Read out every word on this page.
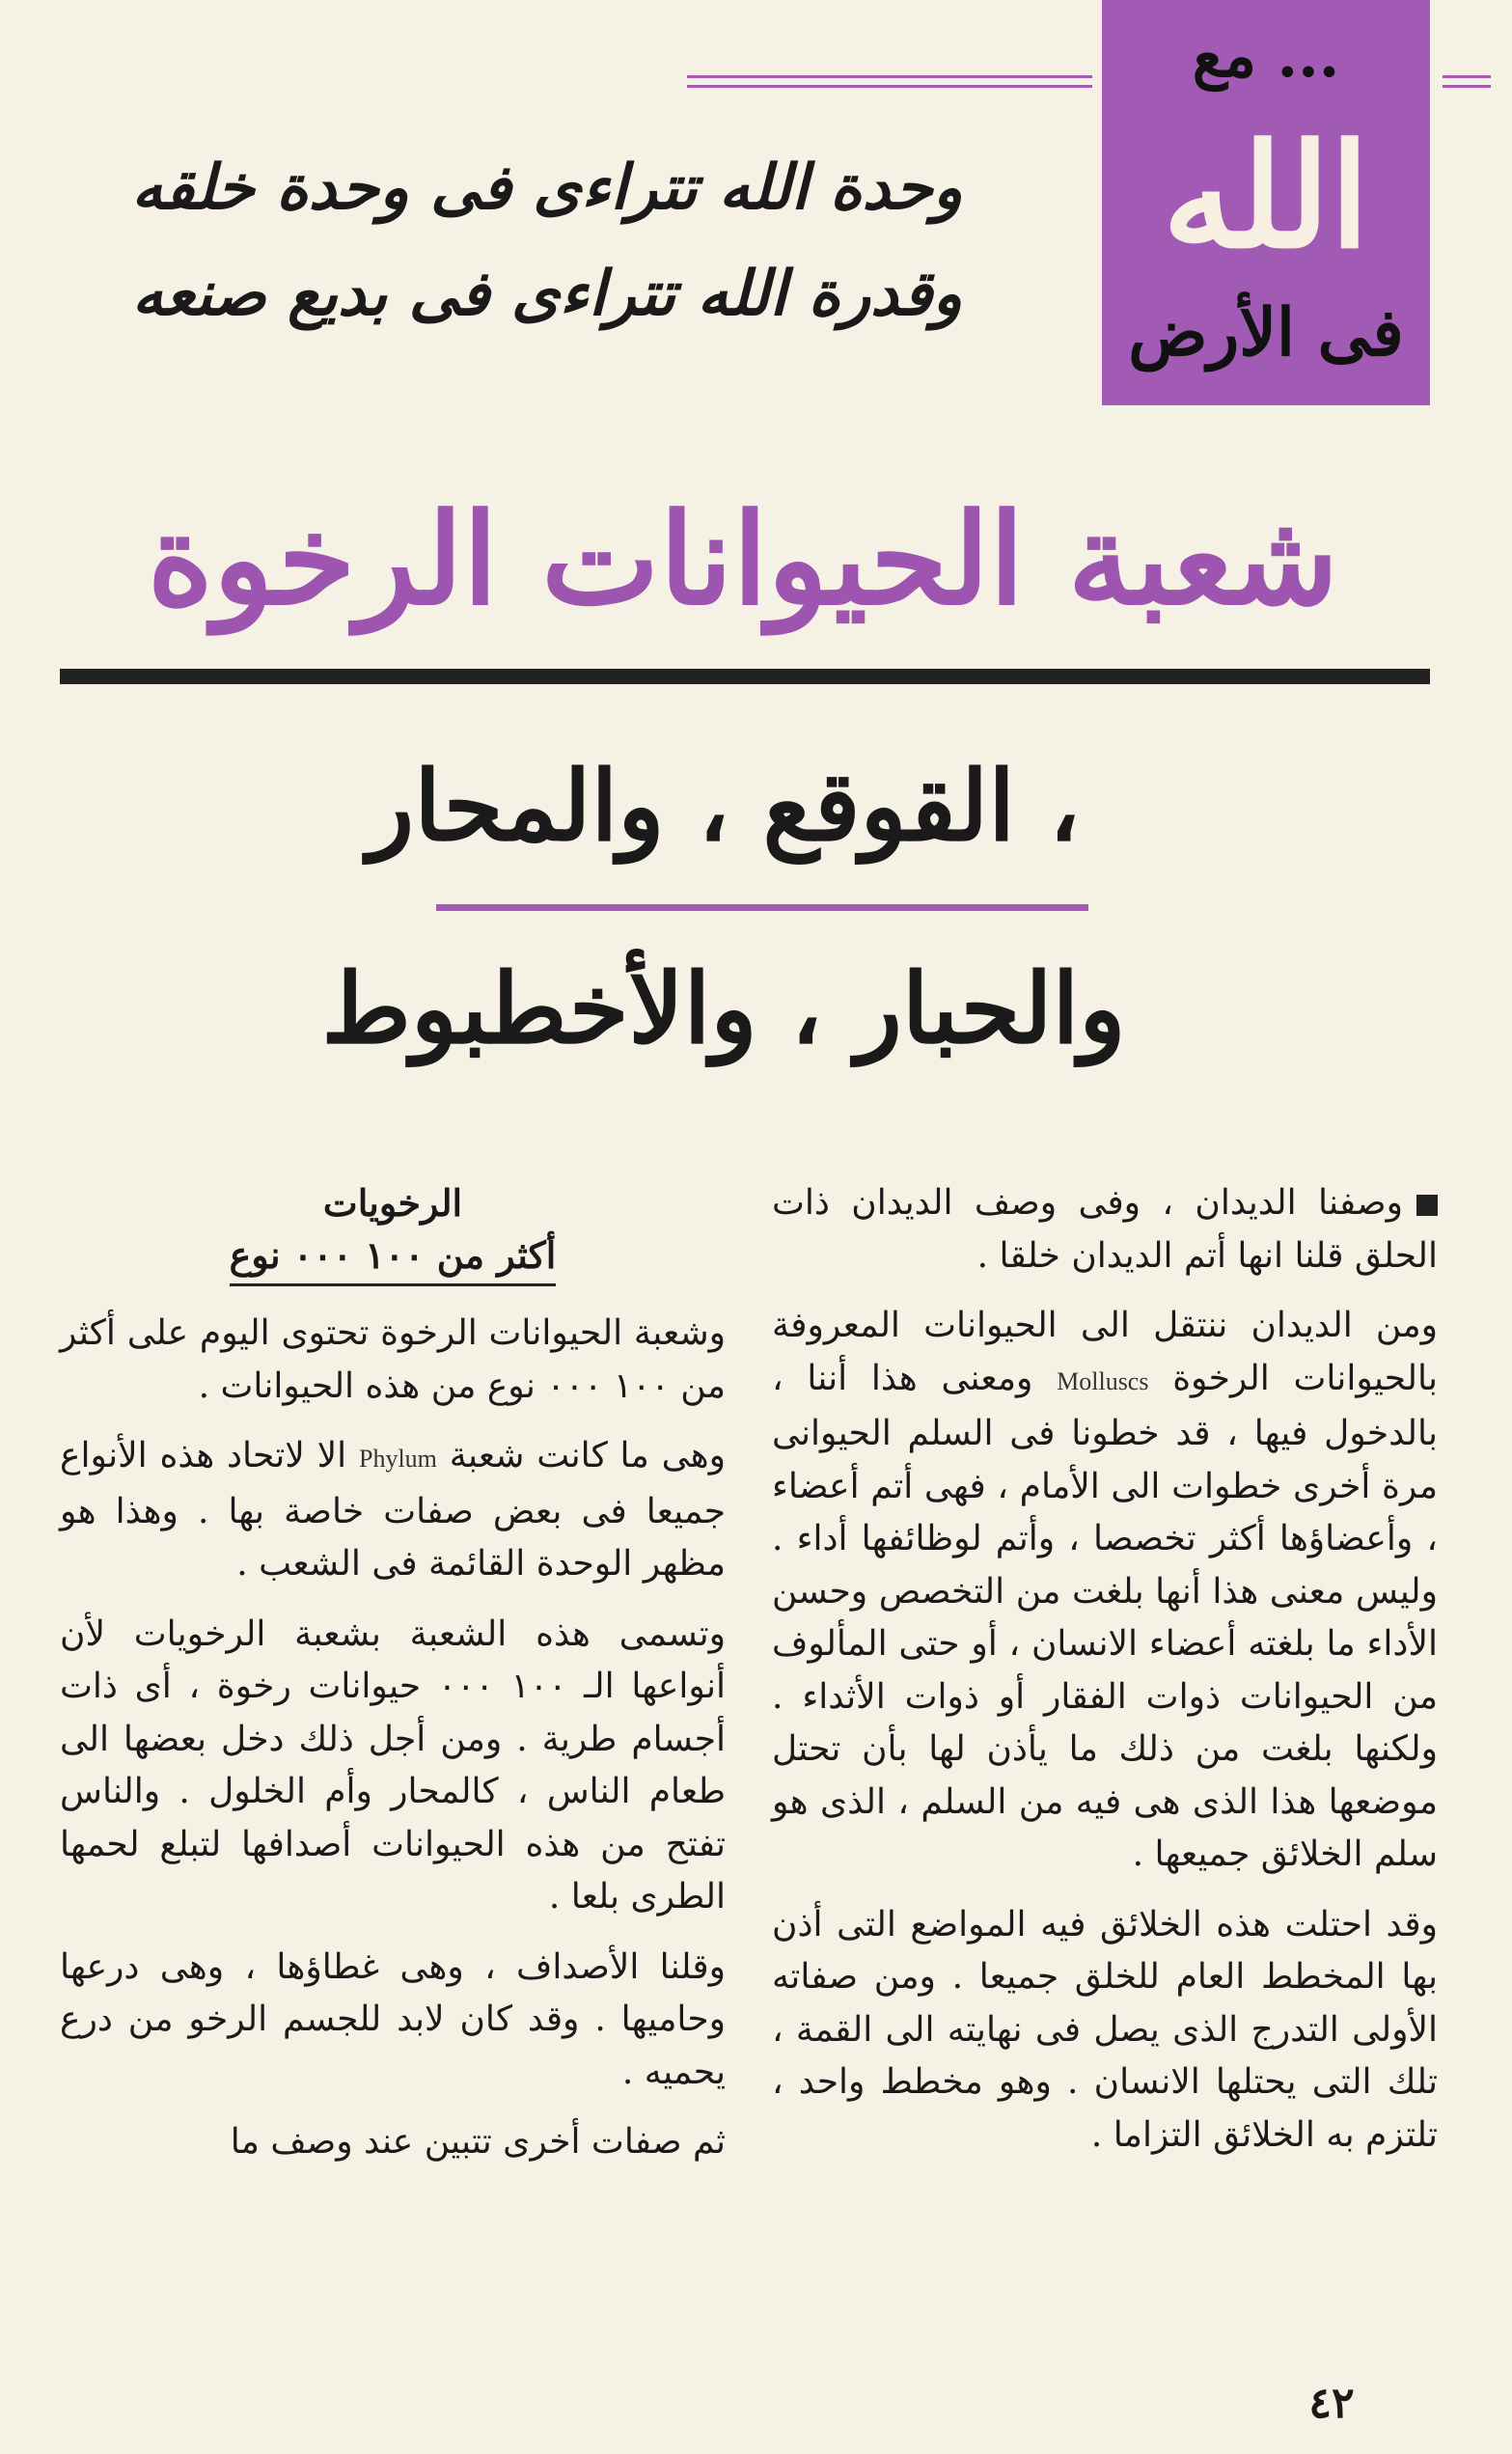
مع ...
الله
فى الأرض
وحدة الله تتراءى فى وحدة خلقه
وقدرة الله تتراءى فى بديع صنعه
شعبة الحيوانات الرخوة
القوقع ، والمحار ،
والحبار ، والأخطبوط

وصفنا الديدان ، وفى وصف الديدان ذات الحلق قلنا انها أتم الديدان خلقا .

ومن الديدان ننتقل الى الحيوانات المعروفة بالحيوانات الرخوة Molluscs ومعنى هذا أننا ، بالدخول فيها ، قد خطونا فى السلم الحيوانى مرة أخرى خطوات الى الأمام ، فهى أتم أعضاء ، وأعضاؤها أكثر تخصصا ، وأتم لوظائفها أداء . وليس معنى هذا أنها بلغت من التخصص وحسن الأداء ما بلغته أعضاء الانسان ، أو حتى المألوف من الحيوانات ذوات الفقار أو ذوات الأثداء . ولكنها بلغت من ذلك ما يأذن لها بأن تحتل موضعها هذا الذى هى فيه من السلم ، الذى هو سلم الخلائق جميعها .

وقد احتلت هذه الخلائق فيه المواضع التى أذن بها المخطط العام للخلق جميعا . ومن صفاته الأولى التدرج الذى يصل فى نهايته الى القمة ، تلك التى يحتلها الانسان . وهو مخطط واحد ، تلتزم به الخلائق التزاما .

الرخويات
أكثر من ١٠٠ ٠٠٠ نوع

وشعبة الحيوانات الرخوة تحتوى اليوم على أكثر من ١٠٠ ٠٠٠ نوع من هذه الحيوانات .

وهى ما كانت شعبة Phylum الا لاتحاد هذه الأنواع جميعا فى بعض صفات خاصة بها . وهذا هو مظهر الوحدة القائمة فى الشعب .

وتسمى هذه الشعبة بشعبة الرخويات لأن أنواعها الـ ١٠٠ ٠٠٠ حيوانات رخوة ، أى ذات أجسام طرية . ومن أجل ذلك دخل بعضها الى طعام الناس ، كالمحار وأم الخلول . والناس تفتح من هذه الحيوانات أصدافها لتبلع لحمها الطرى بلعا .

وقلنا الأصداف ، وهى غطاؤها ، وهى درعها وحاميها . وقد كان لابد للجسم الرخو من درع يحميه .

ثم صفات أخرى تتبين عند وصف ما

٤٢
